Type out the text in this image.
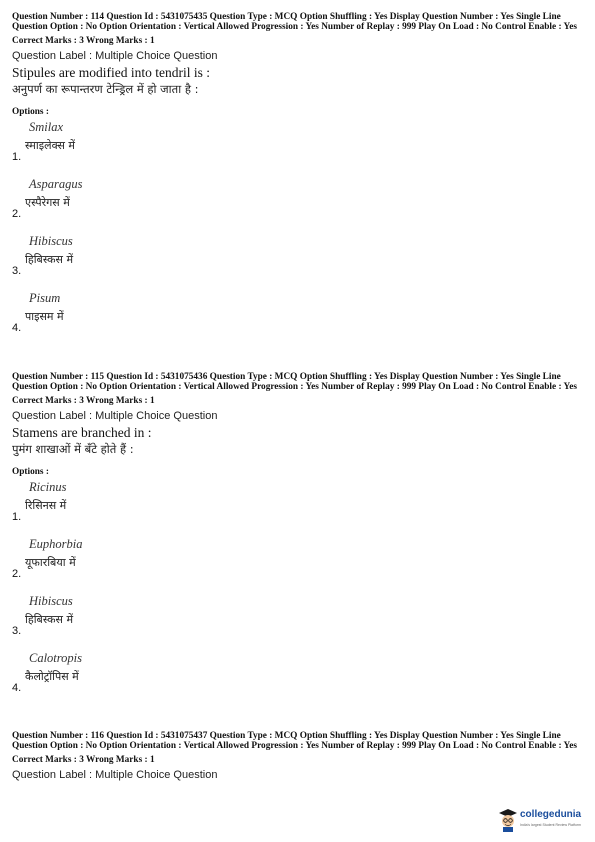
Question Number : 114 Question Id : 5431075435 Question Type : MCQ Option Shuffling : Yes Display Question Number : Yes Single Line Question Option : No Option Orientation : Vertical Allowed Progression : Yes Number of Replay : 999 Play On Load : No Control Enable : Yes

Correct Marks : 3 Wrong Marks : 1
Question Label : Multiple Choice Question
Stipules are modified into tendril is :
अनुपर्ण का रूपान्तरण टेन्ड्रिल में हो जाता है :
Options :
1.
Smilax
स्माइलेक्स में
2.
Asparagus
एस्पैरेगस में
3.
Hibiscus
हिबिस्कस में
4.
Pisum
पाइसम में

Question Number : 115 Question Id : 5431075436 Question Type : MCQ Option Shuffling : Yes Display Question Number : Yes Single Line Question Option : No Option Orientation : Vertical Allowed Progression : Yes Number of Replay : 999 Play On Load : No Control Enable : Yes

Correct Marks : 3 Wrong Marks : 1
Question Label : Multiple Choice Question
Stamens are branched in :
पुमंग शाखाओं में बँटे होते हैं :
Options :
1.
Ricinus
रिसिनस में
2.
Euphorbia
यूफारबिया में
3.
Hibiscus
हिबिस्कस में
4.
Calotropis
कैलोट्रॉपिस में

Question Number : 116 Question Id : 5431075437 Question Type : MCQ Option Shuffling : Yes Display Question Number : Yes Single Line Question Option : No Option Orientation : Vertical Allowed Progression : Yes Number of Replay : 999 Play On Load : No Control Enable : Yes

Correct Marks : 3 Wrong Marks : 1
Question Label : Multiple Choice Question
collegedunia
India's largest Student Review Platform
